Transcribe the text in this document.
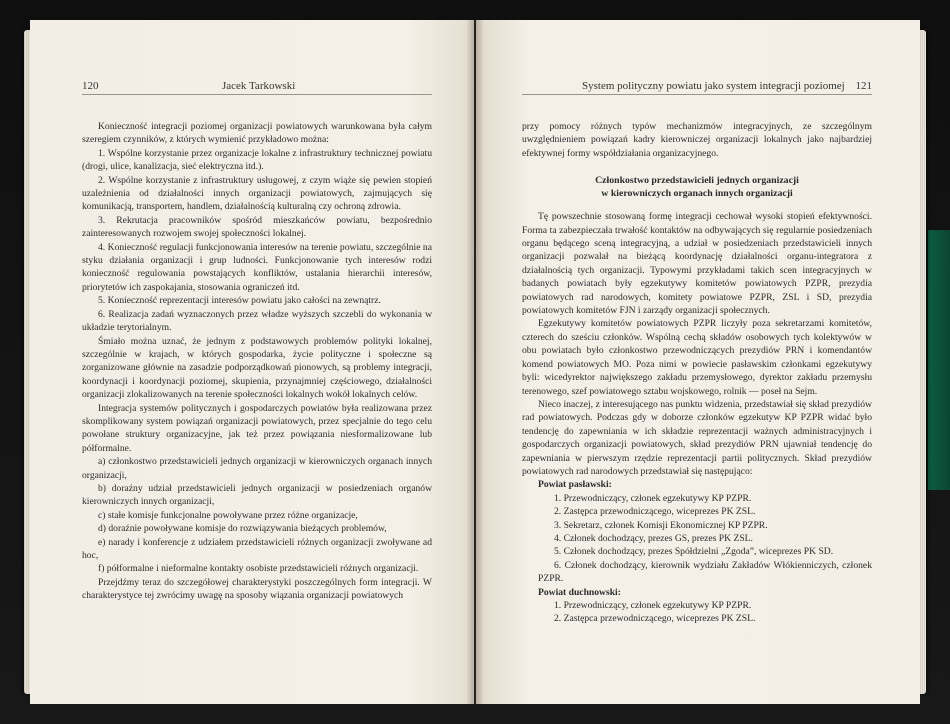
120	Jacek Tarkowski

Konieczność integracji poziomej organizacji powiatowych warunkowana była całym szeregiem czynników, z których wymienić przykładowo można:

1. Wspólne korzystanie przez organizacje lokalne z infrastruktury technicznej powiatu (drogi, ulice, kanalizacja, sieć elektryczna itd.).

2. Wspólne korzystanie z infrastruktury usługowej, z czym wiąże się pewien stopień uzależnienia od działalności innych organizacji powiatowych, zajmujących się komunikacją, transportem, handlem, działalnością kulturalną czy ochroną zdrowia.

3. Rekrutacja pracowników spośród mieszkańców powiatu, bezpośrednio zainteresowanych rozwojem swojej społeczności lokalnej.

4. Konieczność regulacji funkcjonowania interesów na terenie powiatu, szczególnie na styku działania organizacji i grup ludności. Funkcjonowanie tych interesów rodzi konieczność regulowania powstających konfliktów, ustalania hierarchii interesów, priorytetów ich zaspokajania, stosowania ograniczeń itd.

5. Konieczność reprezentacji interesów powiatu jako całości na zewnątrz.

6. Realizacja zadań wyznaczonych przez władze wyższych szczebli do wykonania w układzie terytorialnym.

Śmiało można uznać, że jednym z podstawowych problemów polityki lokalnej, szczególnie w krajach, w których gospodarka, życie polityczne i społeczne są zorganizowane głównie na zasadzie podporządkowań pionowych, są problemy integracji, koordynacji i koordynacji poziomej, skupienia, przynajmniej częściowego, działalności organizacji zlokalizowanych na terenie społeczności lokalnych wokół lokalnych celów.

Integracja systemów politycznych i gospodarczych powiatów była realizowana przez skomplikowany system powiązań organizacji powiatowych, przez specjalnie do tego celu powołane struktury organizacyjne, jak też przez powiązania niesformalizowane lub półformalne.

a) członkostwo przedstawicieli jednych organizacji w kierowniczych organach innych organizacji,

b) doraźny udział przedstawicieli jednych organizacji w posiedzeniach organów kierowniczych innych organizacji,

c) stałe komisje funkcjonalne powoływane przez różne organizacje,

d) doraźnie powoływane komisje do rozwiązywania bieżących problemów,

e) narady i konferencje z udziałem przedstawicieli różnych organizacji zwoływane ad hoc,

f) półformalne i nieformalne kontakty osobiste przedstawicieli różnych organizacji.

Przejdźmy teraz do szczegółowej charakterystyki poszczególnych form integracji. W charakterystyce tej zwrócimy uwagę na sposoby wiązania organizacji powiatowych

System polityczny powiatu jako system integracji poziomej 121

przy pomocy różnych typów mechanizmów integracyjnych, ze szczególnym uwzględnieniem powiązań kadry kierowniczej organizacji lokalnych jako najbardziej efektywnej formy współdziałania organizacyjnego.

Członkostwo przedstawicieli jednych organizacji
w kierowniczych organach innych organizacji

Tę powszechnie stosowaną formę integracji cechował wysoki stopień efektywności. Forma ta zabezpieczała trwałość kontaktów na odbywających się regularnie posiedzeniach organu będącego sceną integracyjną, a udział w posiedzeniach przedstawicieli innych organizacji pozwalał na bieżącą koordynację działalności organu-integratora z działalnością tych organizacji. Typowymi przykładami takich scen integracyjnych w badanych powiatach były egzekutywy komitetów powiatowych PZPR, prezydia powiatowych rad narodowych, komitety powiatowe PZPR, ZSL i SD, prezydia powiatowych komitetów FJN i zarządy organizacji społecznych.

Egzekutywy komitetów powiatowych PZPR liczyły poza sekretarzami komitetów, czterech do sześciu członków. Wspólną cechą składów osobowych tych kolektywów w obu powiatach było członkostwo przewodniczących prezydiów PRN i komendantów komend powiatowych MO. Poza nimi w powiecie pasławskim członkami egzekutywy byli: wicedyrektor największego zakładu przemysłowego, dyrektor zakładu przemysłu terenowego, szef powiatowego sztabu wojskowego, rolnik — poseł na Sejm.

Nieco inaczej, z interesującego nas punktu widzenia, przedstawiał się skład prezydiów rad powiatowych. Podczas gdy w doborze członków egzekutyw KP PZPR widać było tendencję do zapewniania w ich składzie reprezentacji ważnych administracyjnych i gospodarczych organizacji powiatowych, skład prezydiów PRN ujawniał tendencję do zapewniania w pierwszym rzędzie reprezentacji partii politycznych. Skład prezydiów powiatowych rad narodowych przedstawiał się następująco:

Powiat pasławski:

1. Przewodniczący, członek egzekutywy KP PZPR.

2. Zastępca przewodniczącego, wiceprezes PK ZSL.

3. Sekretarz, członek Komisji Ekonomicznej KP PZPR.

4. Członek dochodzący, prezes GS, prezes PK ZSL.

5. Członek dochodzący, prezes Spółdzielni „Zgoda”, wiceprezes PK SD.

6. Członek dochodzący, kierownik wydziału Zakładów Włókienniczych, członek PZPR.

Powiat duchnowski:

1. Przewodniczący, członek egzekutywy KP PZPR.

2. Zastępca przewodniczącego, wiceprezes PK ZSL.
